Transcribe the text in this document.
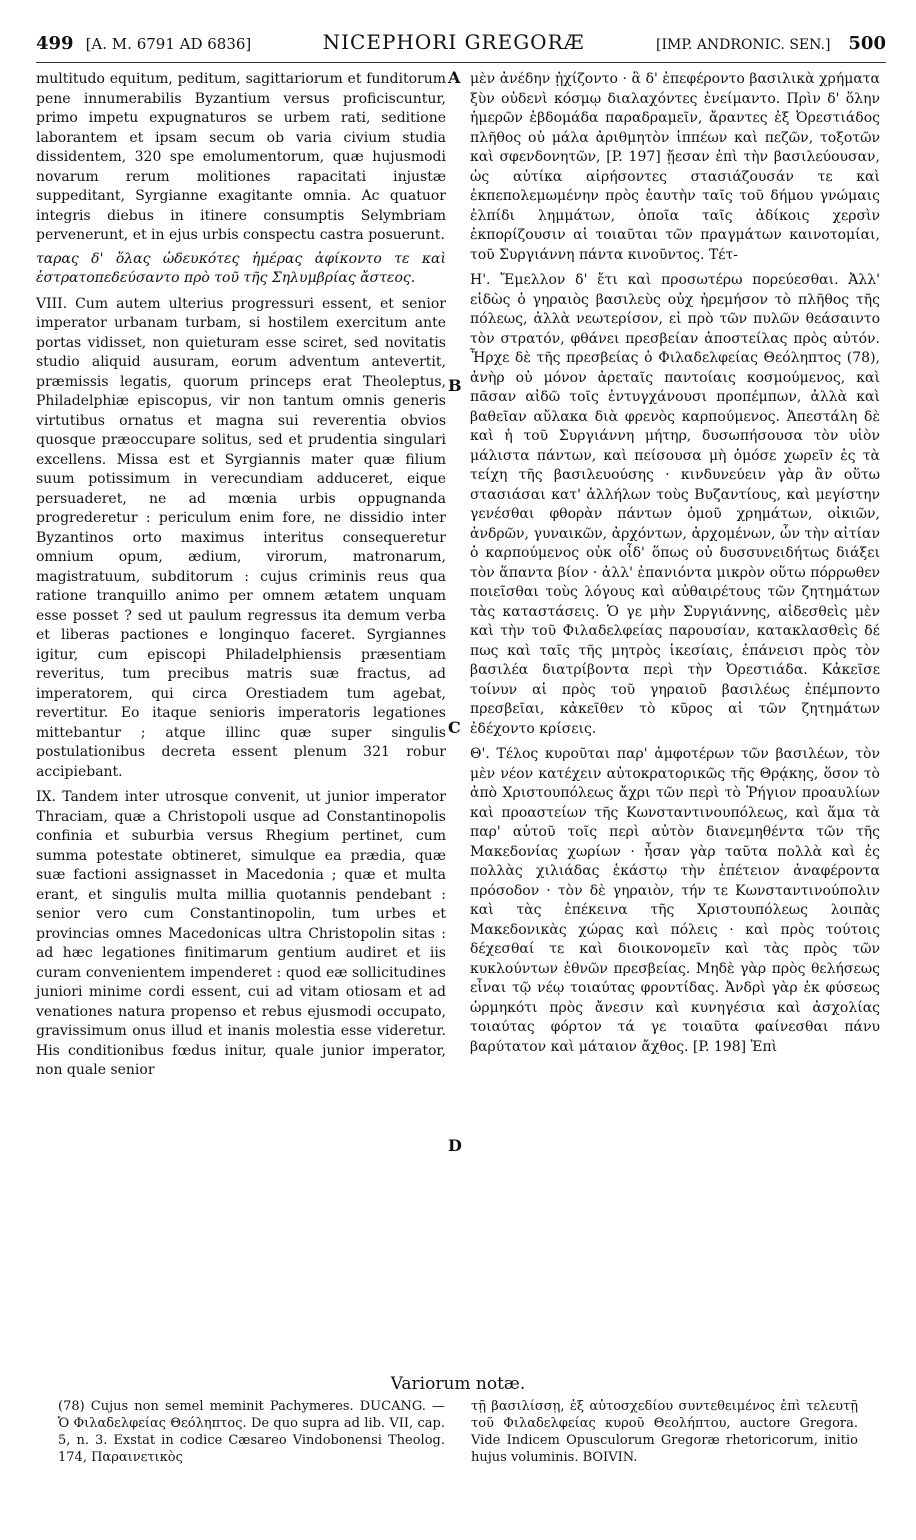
499 [A. M. 6791 AD 6836]	NICEPHORI GREGORÆ	[IMP. ANDRONIC. SEN.] 500

multitudo equitum, peditum, sagittariorum et funditorum pene innumerabilis Byzantium versus proficiscuntur, primo impetu expugnaturos se urbem rati, seditione laborantem et ipsam secum ob varia civium studia dissidentem, 320 spe emolumentorum, quæ hujusmodi novarum rerum molitiones rapacitati injustæ suppeditant, Syrgianne exagitante omnia. Ac quatuor integris diebus in itinere consumptis Selymbriam pervenerunt, et in ejus urbis conspectu castra posuerunt.

ταρας δ' ὅλας ὡδευκότες ἡμέρας ἀφίκοντο τε καὶ ἐστρατοπεδεύσαντο πρὸ τοῦ τῆς Σηλυμβρίας ἄστεος.

VIII. Cum autem ulterius progressuri essent, et senior imperator urbanam turbam, si hostilem exercitum ante portas vidisset, non quieturam esse sciret, sed novitatis studio aliquid ausuram, eorum adventum antevertit, præmissis legatis, quorum princeps erat Theoleptus, Philadelphiæ episcopus, vir non tantum omnis generis virtutibus ornatus et magna sui reverentia obvios quosque præoccupare solitus, sed et prudentia singulari excellens. Missa est et Syrgiannis mater quæ filium suum potissimum in verecundiam adduceret, eique persuaderet, ne ad mœnia urbis oppugnanda progrederetur : periculum enim fore, ne dissidio inter Byzantinos orto maximus interitus consequeretur omnium opum, ædium, virorum, matronarum, magistratuum, subditorum : cujus criminis reus qua ratione tranquillo animo per omnem ætatem unquam esse posset ? sed ut paulum regressus ita demum verba et liberas pactiones e longinquo faceret. Syrgiannes igitur, cum episcopi Philadelphiensis præsentiam reveritus, tum precibus matris suæ fractus, ad imperatorem, qui circa Orestiadem tum agebat, revertitur. Eo itaque senioris imperatoris legationes mittebantur ; atque illinc quæ super singulis postulationibus decreta essent plenum 321 robur accipiebant.

IX. Tandem inter utrosque convenit, ut junior imperator Thraciam, quæ a Christopoli usque ad Constantinopolis confinia et suburbia versus Rhegium pertinet, cum summa potestate obtineret, simulque ea prædia, quæ suæ factioni assignasset in Macedonia ; quæ et multa erant, et singulis multa millia quotannis pendebant : senior vero cum Constantinopolin, tum urbes et provincias omnes Macedonicas ultra Christopolin sitas : ad hæc legationes finitimarum gentium audiret et iis curam convenientem impenderet : quod eæ sollicitudines juniori minime cordi essent, cui ad vitam otiosam et ad venationes natura propenso et rebus ejusmodi occupato, gravissimum onus illud et inanis molestia esse videretur. His conditionibus fœdus initur, quale junior imperator, non quale senior

A
B
C
D

μὲν ἀνέδην ᾐχίζοντο · ἃ δ' ἐπεφέροντο βασιλικὰ χρήματα ξὺν οὐδενὶ κόσμῳ διαλαχόντες ἐνείμαντο. Πρὶν δ' ὅλην ἡμερῶν ἑβδομάδα παραδραμεῖν, ἄραντες ἐξ Ὀρεστιάδος πλῆθος οὐ μάλα ἀριθμητὸν ἱππέων καὶ πεζῶν, τοξοτῶν καὶ σφενδονητῶν, [P. 197] ᾔεσαν ἐπὶ τὴν βασιλεύουσαν, ὡς αὐτίκα αἱρήσοντες στασιάζουσάν τε καὶ ἐκπεπολεμωμένην πρὸς ἑαυτὴν ταῖς τοῦ δήμου γνώμαις ἐλπίδι λημμάτων, ὁποῖα ταῖς ἀδίκοις χερσὶν ἐκπορίζουσιν αἱ τοιαῦται τῶν πραγμάτων καινοτομίαι, τοῦ Συργιάννη πάντα κινοῦντος. Τέτ-

Η'. Ἔμελλον δ' ἔτι καὶ προσωτέρω πορεύεσθαι. Ἀλλ' εἰδὼς ὁ γηραιὸς βασιλεὺς οὐχ ἠρεμήσον τὸ πλῆθος τῆς πόλεως, ἀλλὰ νεωτερίσον, εἰ πρὸ τῶν πυλῶν θεάσαιντο τὸν στρατόν, φθάνει πρεσβείαν ἀποστείλας πρὸς αὐτόν. Ἦρχε δὲ τῆς πρεσβείας ὁ Φιλαδελφείας Θεόληπτος (78), ἀνὴρ οὐ μόνον ἀρεταῖς παντοίαις κοσμούμενος, καὶ πᾶσαν αἰδῶ τοῖς ἐντυγχάνουσι προπέμπων, ἀλλὰ καὶ βαθεῖαν αὔλακα διὰ φρενὸς καρπούμενος. Ἀπεστάλη δὲ καὶ ἡ τοῦ Συργιάννη μήτηρ, δυσωπήσουσα τὸν υἱὸν μάλιστα πάντων, καὶ πείσουσα μὴ ὁμόσε χωρεῖν ἐς τὰ τείχη τῆς βασιλευούσης · κινδυνεύειν γὰρ ἂν οὕτω στασιάσαι κατ' ἀλλήλων τοὺς Βυζαντίους, καὶ μεγίστην γενέσθαι φθορὰν πάντων ὁμοῦ χρημάτων, οἰκιῶν, ἀνδρῶν, γυναικῶν, ἀρχόντων, ἀρχομένων, ὧν τὴν αἰτίαν ὁ καρπούμενος οὐκ οἶδ' ὅπως οὐ δυσσυνειδήτως διάξει τὸν ἅπαντα βίον · ἀλλ' ἐπανιόντα μικρὸν οὕτω πόρρωθεν ποιεῖσθαι τοὺς λόγους καὶ αὐθαιρέτους τῶν ζητημάτων τὰς καταστάσεις. Ὁ γε μὴν Συργιάννης, αἰδεσθεὶς μὲν καὶ τὴν τοῦ Φιλαδελφείας παρουσίαν, κατακλασθεὶς δέ πως καὶ ταῖς τῆς μητρὸς ἱκεσίαις, ἐπάνεισι πρὸς τὸν βασιλέα διατρίβοντα περὶ τὴν Ὀρεστιάδα. Κἀκεῖσε τοίνυν αἱ πρὸς τοῦ γηραιοῦ βασιλέως ἐπέμποντο πρεσβεῖαι, κἀκεῖθεν τὸ κῦρος αἱ τῶν ζητημάτων ἐδέχοντο κρίσεις.

Θ'. Τέλος κυροῦται παρ' ἀμφοτέρων τῶν βασιλέων, τὸν μὲν νέον κατέχειν αὐτοκρατορικῶς τῆς Θρᾴκης, ὅσον τὸ ἀπὸ Χριστουπόλεως ἄχρι τῶν περὶ τὸ Ῥήγιον προαυλίων καὶ προαστείων τῆς Κωνσταντινουπόλεως, καὶ ἅμα τὰ παρ' αὐτοῦ τοῖς περὶ αὐτὸν διανεμηθέντα τῶν τῆς Μακεδονίας χωρίων · ἦσαν γὰρ ταῦτα πολλὰ καὶ ἐς πολλὰς χιλιάδας ἑκάστῳ τὴν ἐπέτειον ἀναφέροντα πρόσοδον · τὸν δὲ γηραιὸν, τήν τε Κωνσταντινούπολιν καὶ τὰς ἐπέκεινα τῆς Χριστουπόλεως λοιπὰς Μακεδονικὰς χώρας καὶ πόλεις · καὶ πρὸς τούτοις δέχεσθαί τε καὶ διοικονομεῖν καὶ τὰς πρὸς τῶν κυκλούντων ἐθνῶν πρεσβείας. Μηδὲ γὰρ πρὸς θελήσεως εἶναι τῷ νέῳ τοιαύτας φροντίδας. Ἀνδρὶ γὰρ ἐκ φύσεως ὡρμηκότι πρὸς ἄνεσιν καὶ κυνηγέσια καὶ ἀσχολίας τοιαύτας φόρτον τά γε τοιαῦτα φαίνεσθαι πάνυ βαρύτατον καὶ μάταιον ἄχθος. [P. 198] Ἐπὶ

Variorum notæ.
(78) Cujus non semel meminit Pachymeres. DUCANG. — Ὁ Φιλαδελφείας Θεόληπτος. De quo supra ad lib. VII, cap. 5, n. 3. Exstat in codice Cæsareo Vindobonensi Theolog. 174, Παραινετικὸς
τῇ βασιλίσσῃ, ἐξ αὐτοσχεδίου συντεθειμένος ἐπὶ τελευτῇ τοῦ Φιλαδελφείας κυροῦ Θεολήπτου, auctore Gregora. Vide Indicem Opusculorum Gregoræ rhetoricorum, initio hujus voluminis. BOIVIN.
